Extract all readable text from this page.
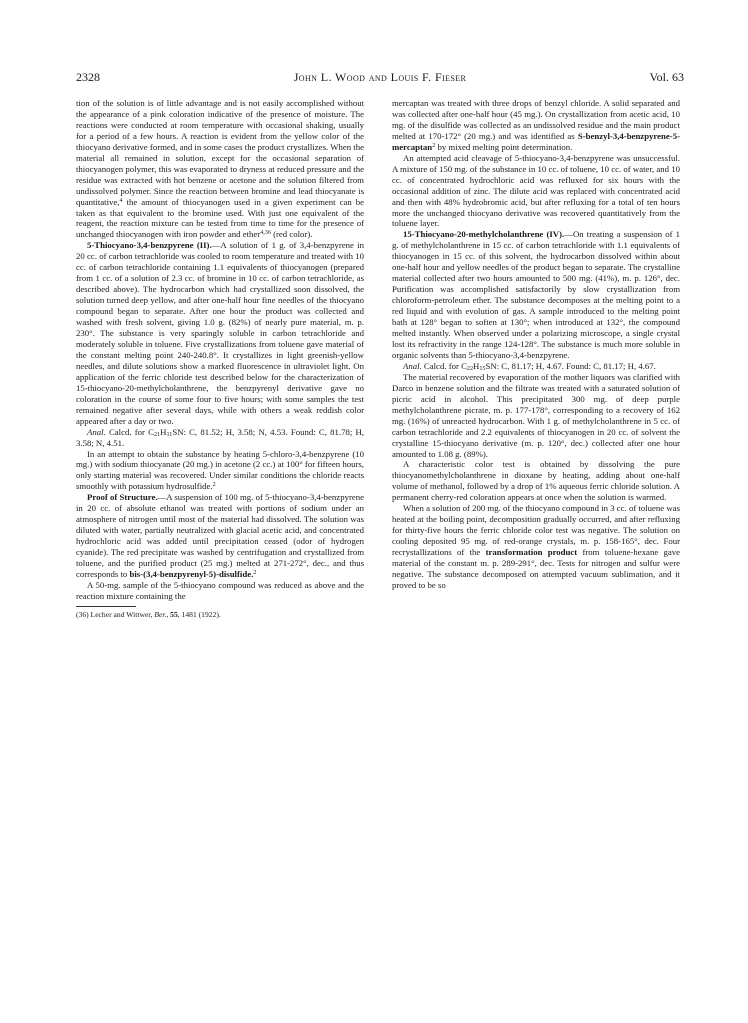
2328	John L. Wood and Louis F. Fieser	Vol. 63

tion of the solution is of little advantage and is not easily accomplished without the appearance of a pink coloration indicative of the presence of moisture. The reactions were conducted at room temperature with occasional shaking, usually for a period of a few hours. A reaction is evident from the yellow color of the thiocyano derivative formed, and in some cases the product crystallizes. When the material all remained in solution, except for the occasional separation of thiocyanogen polymer, this was evaporated to dryness at reduced pressure and the residue was extracted with hot benzene or acetone and the solution filtered from undissolved polymer. Since the reaction between bromine and lead thiocyanate is quantitative,$^4$ the amount of thiocyanogen used in a given experiment can be taken as that equivalent to the bromine used. With just one equivalent of the reagent, the reaction mixture can be tested from time to time for the presence of unchanged thiocyanogen with iron powder and ether$^{4,36}$ (red color).

5-Thiocyano-3,4-benzpyrene (II).—A solution of 1 g. of 3,4-benzpyrene in 20 cc. of carbon tetrachloride was cooled to room temperature and treated with 10 cc. of carbon tetrachloride containing 1.1 equivalents of thiocyanogen (prepared from 1 cc. of a solution of 2.3 cc. of bromine in 10 cc. of carbon tetrachloride, as described above). The hydrocarbon which had crystallized soon dissolved, the solution turned deep yellow, and after one-half hour fine needles of the thiocyano compound began to separate. After one hour the product was collected and washed with fresh solvent, giving 1.0 g. (82%) of nearly pure material, m. p. 230°. The substance is very sparingly soluble in carbon tetrachloride and moderately soluble in toluene. Five crystallizations from toluene gave material of the constant melting point 240-240.8°. It crystallizes in light greenish-yellow needles, and dilute solutions show a marked fluorescence in ultraviolet light. On application of the ferric chloride test described below for the characterization of 15-thiocyano-20-methylcholanthrene, the benzpyrenyl derivative gave no coloration in the course of some four to five hours; with some samples the test remained negative after several days, while with others a weak reddish color appeared after a day or two.

Anal. Calcd. for $C_{21}H_{11}SN$: C, 81.52; H, 3.58; N, 4.53. Found: C, 81.78; H, 3.58; N, 4.51.

In an attempt to obtain the substance by heating 5-chloro-3,4-benzpyrene (10 mg.) with sodium thiocyanate (20 mg.) in acetone (2 cc.) at 100° for fifteen hours, only starting material was recovered. Under similar conditions the chloride reacts smoothly with potassium hydrosulfide.$^2$

Proof of Structure.—A suspension of 100 mg. of 5-thiocyano-3,4-benzpyrene in 20 cc. of absolute ethanol was treated with portions of sodium under an atmosphere of nitrogen until most of the material had dissolved. The solution was diluted with water, partially neutralized with glacial acetic acid, and concentrated hydrochloric acid was added until precipitation ceased (odor of hydrogen cyanide). The red precipitate was washed by centrifugation and crystallized from toluene, and the purified product (25 mg.) melted at 271-272°, dec., and thus corresponds to bis-(3,4-benzpyrenyl-5)-disulfide.$^2$

A 50-mg. sample of the 5-thiocyano compound was reduced as above and the reaction mixture containing the

(36) Lecher and Wittwer, Ber., 55, 1481 (1922).

mercaptan was treated with three drops of benzyl chloride. A solid separated and was collected after one-half hour (45 mg.). On crystallization from acetic acid, 10 mg. of the disulfide was collected as an undissolved residue and the main product melted at 170-172° (20 mg.) and was identified as S-benzyl-3,4-benzpyrene-5-mercaptan$^2$ by mixed melting point determination.

An attempted acid cleavage of 5-thiocyano-3,4-benzpyrene was unsuccessful. A mixture of 150 mg. of the substance in 10 cc. of toluene, 10 cc. of water, and 10 cc. of concentrated hydrochloric acid was refluxed for six hours with the occasional addition of zinc. The dilute acid was replaced with concentrated acid and then with 48% hydrobromic acid, but after refluxing for a total of ten hours more the unchanged thiocyano derivative was recovered quantitatively from the toluene layer.

15-Thiocyano-20-methylcholanthrene (IV).—On treating a suspension of 1 g. of methylcholanthrene in 15 cc. of carbon tetrachloride with 1.1 equivalents of thiocyanogen in 15 cc. of this solvent, the hydrocarbon dissolved within about one-half hour and yellow needles of the product began to separate. The crystalline material collected after two hours amounted to 500 mg. (41%), m. p. 126°, dec. Purification was accomplished satisfactorily by slow crystallization from chloroform-petroleum ether. The substance decomposes at the melting point to a red liquid and with evolution of gas. A sample introduced to the melting point bath at 128° began to soften at 130°; when introduced at 132°, the compound melted instantly. When observed under a polarizing microscope, a single crystal lost its refractivity in the range 124-128°. The substance is much more soluble in organic solvents than 5-thiocyano-3,4-benzpyrene.

Anal. Calcd. for $C_{22}H_{15}SN$: C, 81.17; H, 4.67. Found: C, 81.17; H, 4.67.

The material recovered by evaporation of the mother liquors was clarified with Darco in benzene solution and the filtrate was treated with a saturated solution of picric acid in alcohol. This precipitated 300 mg. of deep purple methylcholanthrene picrate, m. p. 177-178°, corresponding to a recovery of 162 mg. (16%) of unreacted hydrocarbon. With 1 g. of methylcholanthrene in 5 cc. of carbon tetrachloride and 2.2 equivalents of thiocyanogen in 20 cc. of solvent the crystalline 15-thiocyano derivative (m. p. 120°, dec.) collected after one hour amounted to 1.08 g. (89%).

A characteristic color test is obtained by dissolving the pure thiocyanomethylcholanthrene in dioxane by heating, adding about one-half volume of methanol, followed by a drop of 1% aqueous ferric chloride solution. A permanent cherry-red coloration appears at once when the solution is warmed.

When a solution of 200 mg. of the thiocyano compound in 3 cc. of toluene was heated at the boiling point, decomposition gradually occurred, and after refluxing for thirty-five hours the ferric chloride color test was negative. The solution on cooling deposited 95 mg. of red-orange crystals, m. p. 158-165°, dec. Four recrystallizations of the transformation product from toluene-hexane gave material of the constant m. p. 289-291°, dec. Tests for nitrogen and sulfur were negative. The substance decomposed on attempted vacuum sublimation, and it proved to be so
